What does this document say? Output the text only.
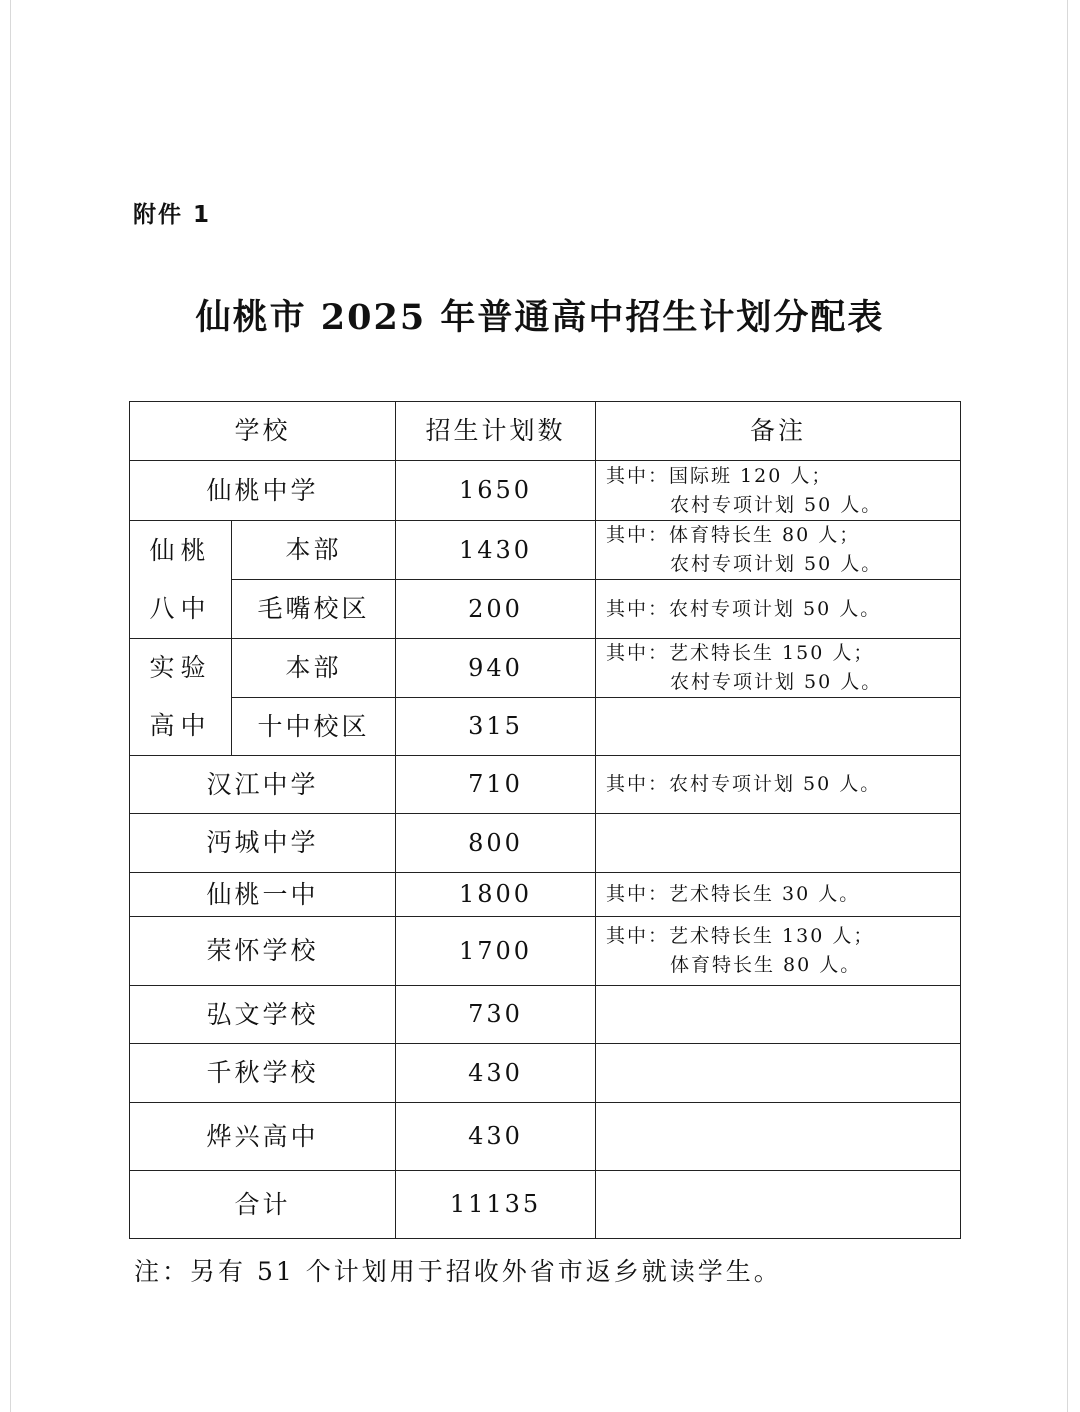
附件 1
仙桃市 2025 年普通高中招生计划分配表
学校		招生计划数	备注
仙桃中学		1650	其中：国际班 120 人；
农村专项计划 50 人。

仙桃
八中	本部	1430	其中：体育特长生 80 人；
农村专项计划 50 人。

	毛嘴校区	200	其中：农村专项计划 50 人。

实验
高中	本部	940	其中：艺术特长生 150 人；
农村专项计划 50 人。

	十中校区	315	
汉江中学		710	其中：农村专项计划 50 人。

沔城中学		800	
仙桃一中		1800	其中：艺术特长生 30 人。

荣怀学校		1700	其中：艺术特长生 130 人；
体育特长生 80 人。

弘文学校		730	
千秋学校		430	
烨兴高中		430	
合计		11135	
注：另有 51 个计划用于招收外省市返乡就读学生。
